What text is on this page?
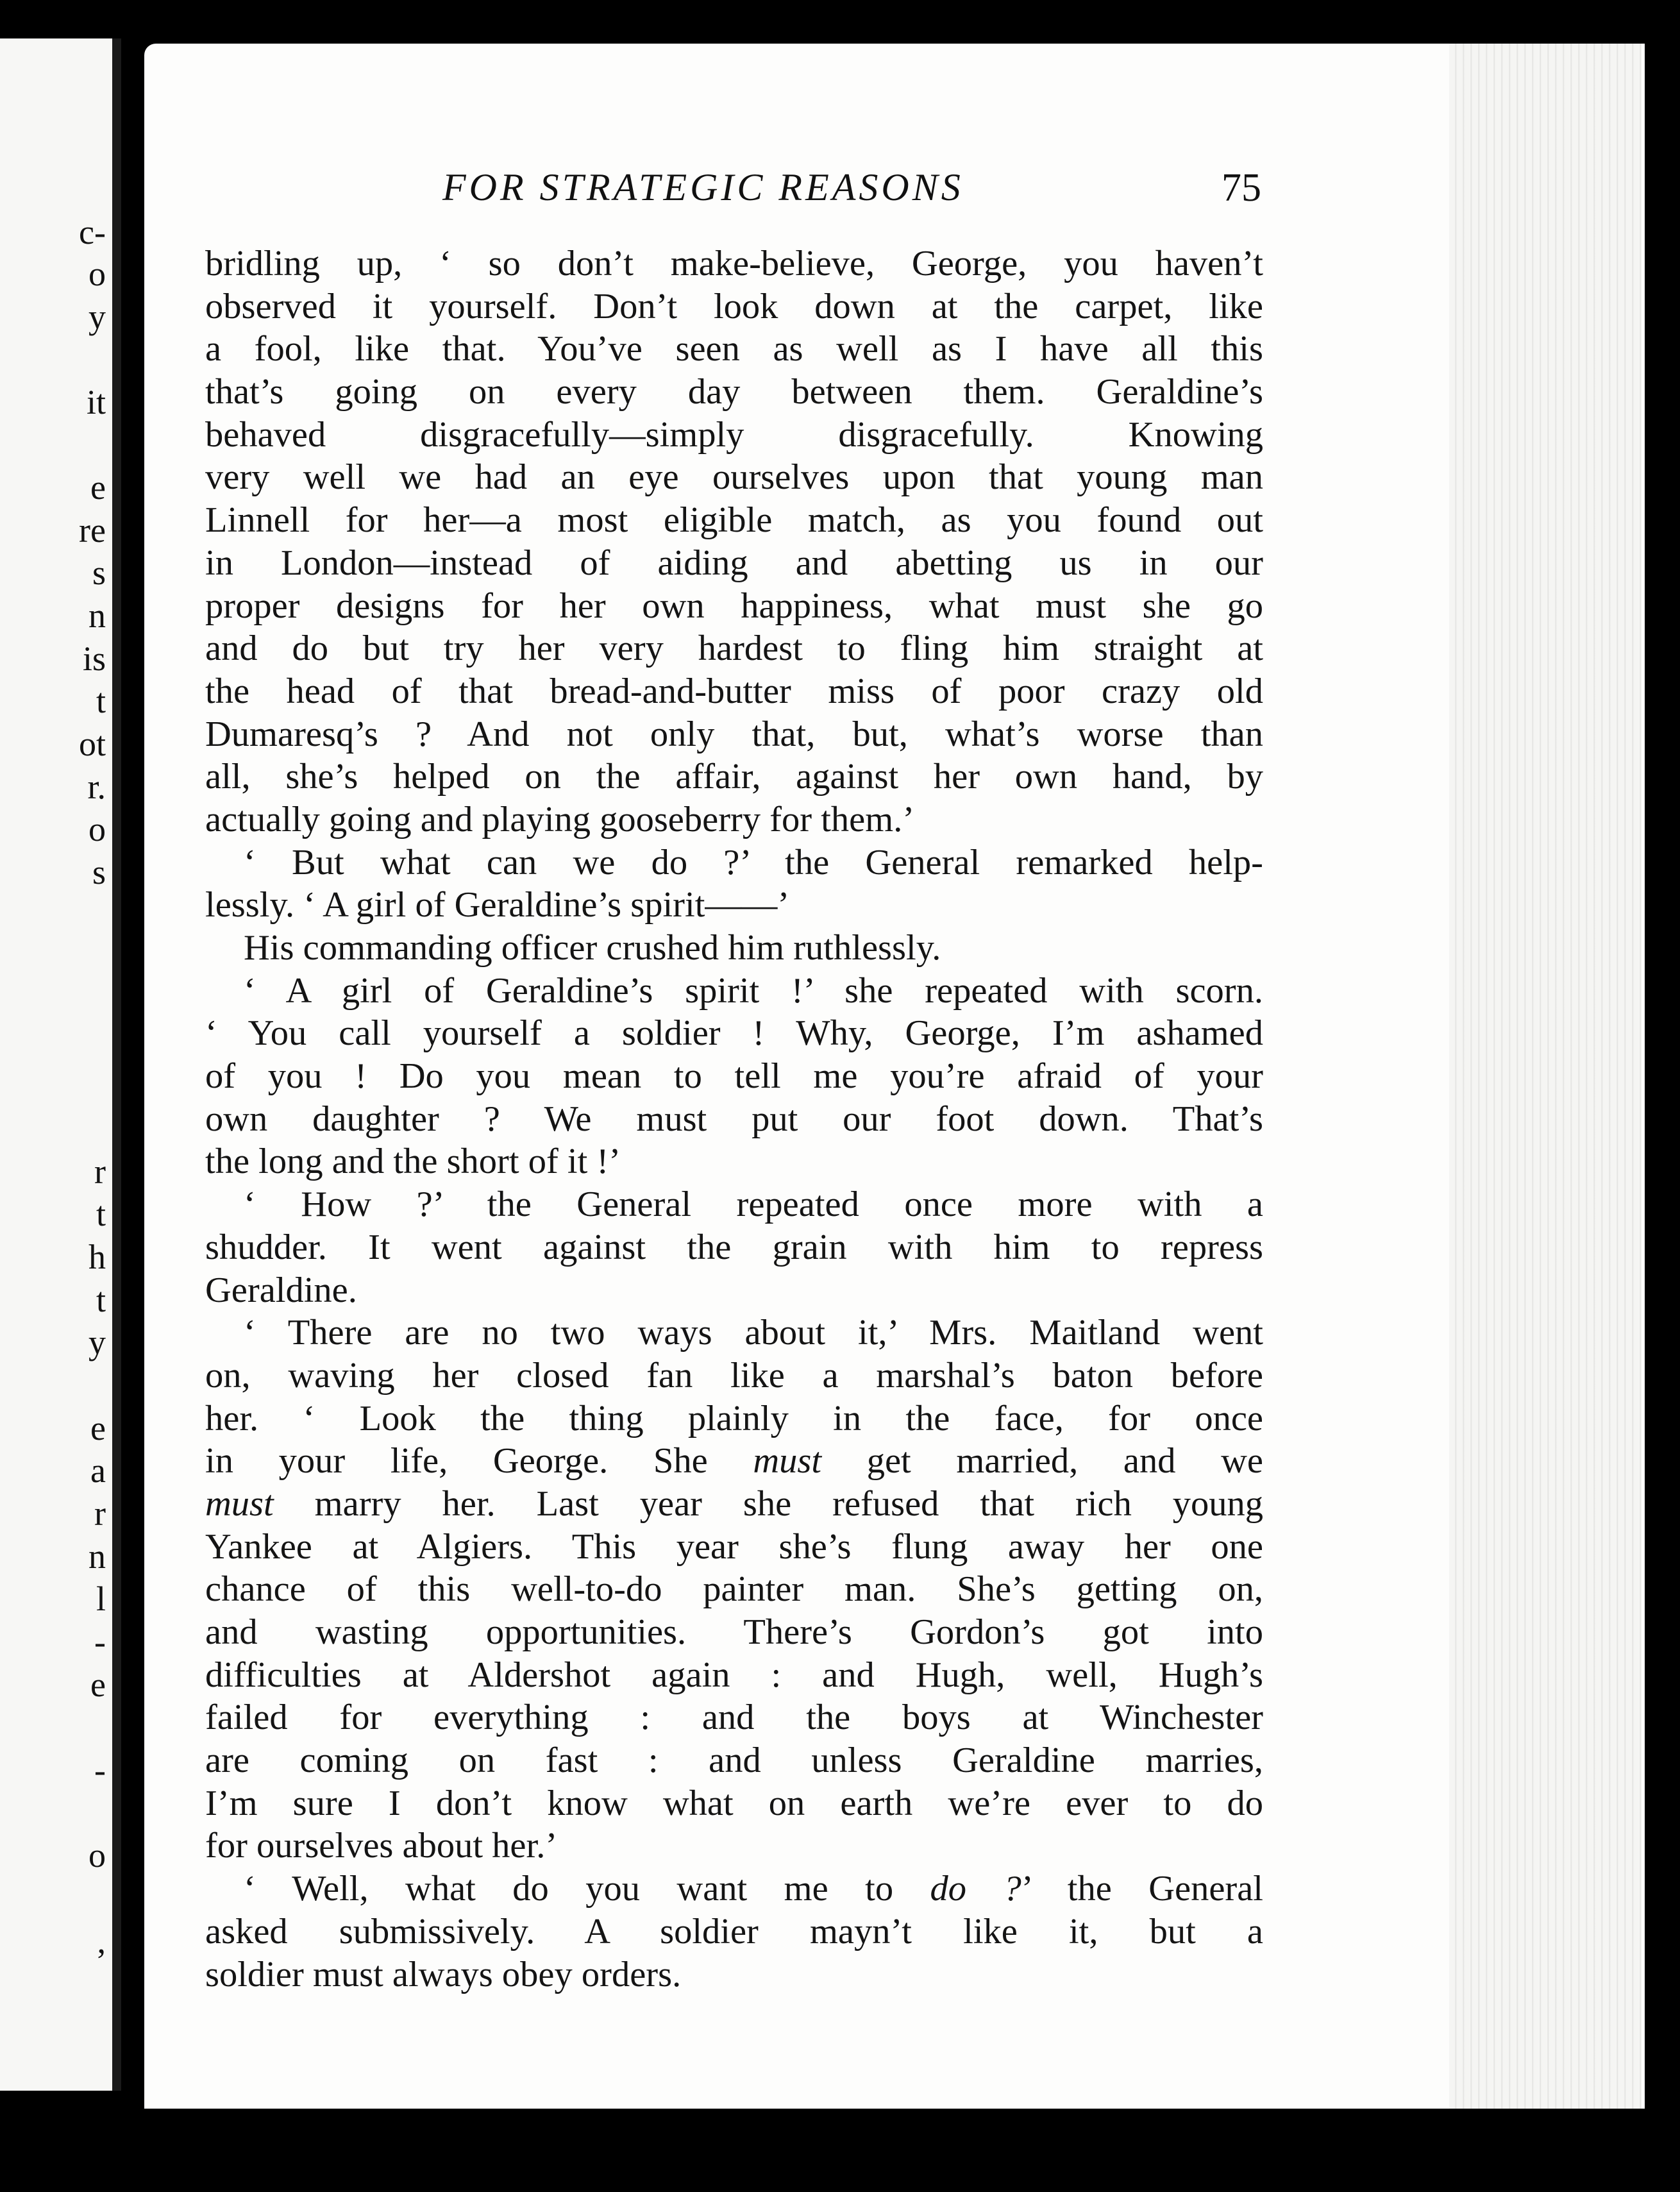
c-
o
y
it
e
re
s
n
is
t
ot
r.
o
s
r
t
h
t
y
e
a
r
n
l
-
e
-
o
,
FOR STRATEGIC REASONS	75
bridling up, ‘ so don’t make-believe, George, you haven’t
observed it yourself. Don’t look down at the carpet, like
a fool, like that. You’ve seen as well as I have all this
that’s going on every day between them. Geraldine’s
behaved disgracefully—simply disgracefully. Knowing
very well we had an eye ourselves upon that young man
Linnell for her—a most eligible match, as you found out
in London—instead of aiding and abetting us in our
proper designs for her own happiness, what must she go
and do but try her very hardest to fling him straight at
the head of that bread-and-butter miss of poor crazy old
Dumaresq’s ? And not only that, but, what’s worse than
all, she’s helped on the affair, against her own hand, by
actually going and playing gooseberry for them.’
‘ But what can we do ?’ the General remarked help-
lessly. ‘ A girl of Geraldine’s spirit——’
His commanding officer crushed him ruthlessly.
‘ A girl of Geraldine’s spirit !’ she repeated with scorn.
‘ You call yourself a soldier ! Why, George, I’m ashamed
of you ! Do you mean to tell me you’re afraid of your
own daughter ? We must put our foot down. That’s
the long and the short of it !’
‘ How ?’ the General repeated once more with a
shudder. It went against the grain with him to repress
Geraldine.
‘ There are no two ways about it,’ Mrs. Maitland went
on, waving her closed fan like a marshal’s baton before
her. ‘ Look the thing plainly in the face, for once
in your life, George. She must get married, and we
must marry her. Last year she refused that rich young
Yankee at Algiers. This year she’s flung away her one
chance of this well-to-do painter man. She’s getting on,
and wasting opportunities. There’s Gordon’s got into
difficulties at Aldershot again : and Hugh, well, Hugh’s
failed for everything : and the boys at Winchester
are coming on fast : and unless Geraldine marries,
I’m sure I don’t know what on earth we’re ever to do
for ourselves about her.’
‘ Well, what do you want me to do ?’ the General
asked submissively. A soldier mayn’t like it, but a
soldier must always obey orders.
